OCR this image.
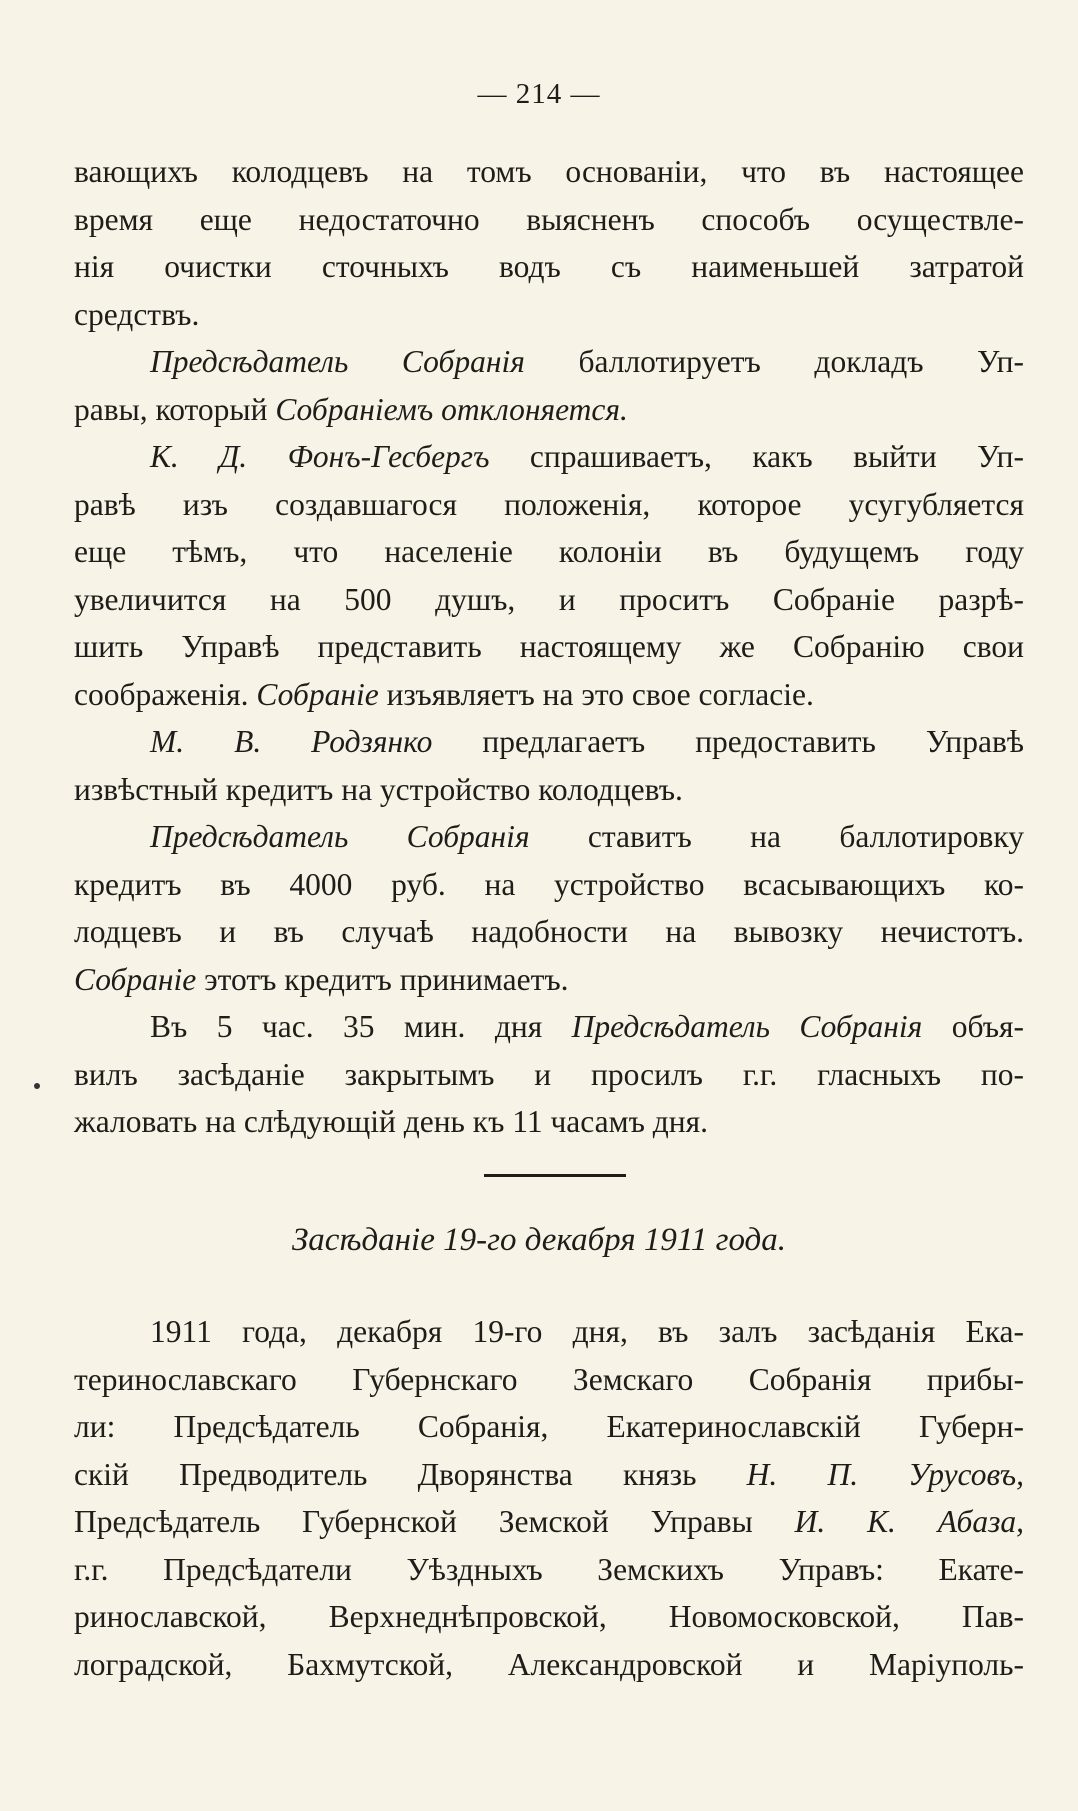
— 214 —
вающихъ колодцевъ на томъ основаніи, что въ настоящее
время еще недостаточно выясненъ способъ осуществле-
нія очистки сточныхъ водъ съ наименьшей затратой
средствъ.
Предсѣдатель Собранія баллотируетъ докладъ Уп-
равы, который Собраніемъ отклоняется.
К. Д. Фонъ-Гесбергъ спрашиваетъ, какъ выйти Уп-
равѣ изъ создавшагося положенія, которое усугубляется
еще тѣмъ, что населеніе колоніи въ будущемъ году
увеличится на 500 душъ, и проситъ Собраніе разрѣ-
шить Управѣ представить настоящему же Собранію свои
соображенія. Собраніе изъявляетъ на это свое согласіе.
М. В. Родзянко предлагаетъ предоставить Управѣ
извѣстный кредитъ на устройство колодцевъ.
Предсѣдатель Собранія ставитъ на баллотировку
кредитъ въ 4000 руб. на устройство всасывающихъ ко-
лодцевъ и въ случаѣ надобности на вывозку нечистотъ.
Собраніе этотъ кредитъ принимаетъ.
Въ 5 час. 35 мин. дня Предсѣдатель Собранія объя-
вилъ засѣданіе закрытымъ и просилъ г.г. гласныхъ по-
жаловать на слѣдующій день къ 11 часамъ дня.
Засѣданіе 19-го декабря 1911 года.
1911 года, декабря 19-го дня, въ залъ засѣданія Ека-
теринославскаго Губернскаго Земскаго Собранія прибы-
ли: Предсѣдатель Собранія, Екатеринославскій Губерн-
скій Предводитель Дворянства князь Н. П. Урусовъ,
Предсѣдатель Губернской Земской Управы И. К. Абаза,
г.г. Предсѣдатели Уѣздныхъ Земскихъ Управъ: Екате-
ринославской, Верхнеднѣпровской, Новомосковской, Пав-
лоградской, Бахмутской, Александровской и Маріуполь-
